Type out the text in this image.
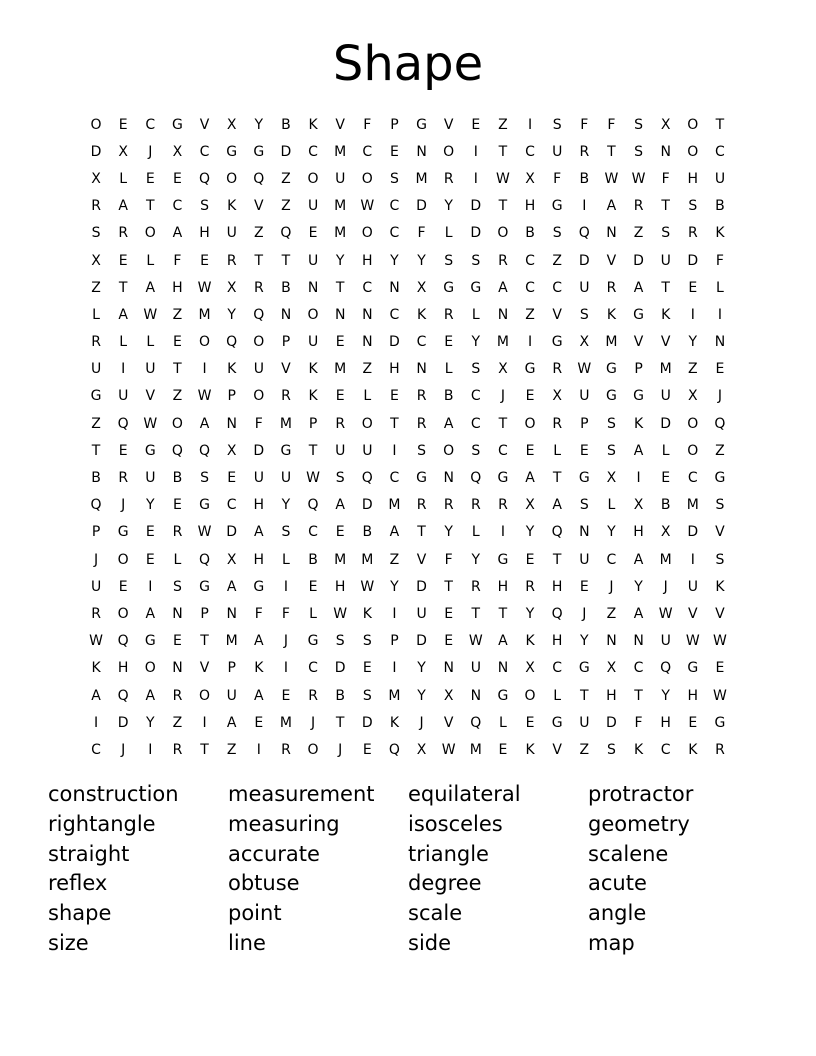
Shape
O	E	C	G	V	X	Y	B	K	V	F	P	G	V	E	Z	I	S	F	F	S	X	O	T
D	X	J	X	C	G	G	D	C	M	C	E	N	O	I	T	C	U	R	T	S	N	O	C
X	L	E	E	Q	O	Q	Z	O	U	O	S	M	R	I	W	X	F	B	W W	F	H	U
R	A	T	C	S	K	V	Z	U	M	W	C	D	Y	D	T	H	G	I	A	R	T	S	B
S	R	O	A	H	U	Z	Q	E	M	O	C	F	L	D	O	B	S	Q	N	Z	S	R	K
X	E	L	F	E	R	T	T	U	Y	H	Y	Y	S	S	R	C	Z	D	V	D	U	D	F
Z	T	A	H	W	X	R	B	N	T	C	N	X	G	G	A	C	C	U	R	A	T	E	L
L	A	W	Z	M	Y	Q	N	O	N	N	C	K	R	L	N	Z	V	S	K	G	K	I	I
R	L	L	E	O	Q	O	P	U	E	N	D	C	E	Y	M	I	G	X	M	V	V	Y	N
U	I	U	T	I	K	U	V	K	M	Z	H	N	L	S	X	G	R	W	G	P	M	Z	E
G	U	V	Z	W	P	O	R	K	E	L	E	R	B	C	J	E	X	U	G	G	U	X	J
Z	Q	W	O	A	N	F	M	P	R	O	T	R	A	C	T	O	R	P	S	K	D	O	Q
T	E	G	Q	Q	X	D	G	T	U	U	I	S	O	S	C	E	L	E	S	A	L	O	Z
B	R	U	B	S	E	U	U	W	S	Q	C	G	N	Q	G	A	T	G	X	I	E	C	G
Q	J	Y	E	G	C	H	Y	Q	A	D	M	R	R	R	R	X	A	S	L	X	B	M	S
P	G	E	R	W	D	A	S	C	E	B	A	T	Y	L	I	Y	Q	N	Y	H	X	D	V
J	O	E	L	Q	X	H	L	B	M	M	Z	V	F	Y	G	E	T	U	C	A	M	I	S
U	E	I	S	G	A	G	I	E	H	W	Y	D	T	R	H	R	H	E	J	Y	J	U	K
R	O	A	N	P	N	F	F	L	W	K	I	U	E	T	T	Y	Q	J	Z	A	W	V	V
W	Q	G	E	T	M	A	J	G	S	S	P	D	E	W	A	K	H	Y	N	N	U	W W
K	H	O	N	V	P	K	I	C	D	E	I	Y	N	U	N	X	C	G	X	C	Q	G	E
A	Q	A	R	O	U	A	E	R	B	S	M	Y	X	N	G	O	L	T	H	T	Y	H	W
I	D	Y	Z	I	A	E	M	J	T	D	K	J	V	Q	L	E	G	U	D	F	H	E	G
C	J	I	R	T	Z	I	R	O	J	E	Q	X	W	M	E	K	V	Z	S	K	C	K	R
construction	measurement	equilateral	protractor
rightangle	measuring	isosceles	geometry
straight	accurate	triangle	scalene
reflex	obtuse	degree	acute
shape	point	scale	angle
size	line	side	map
